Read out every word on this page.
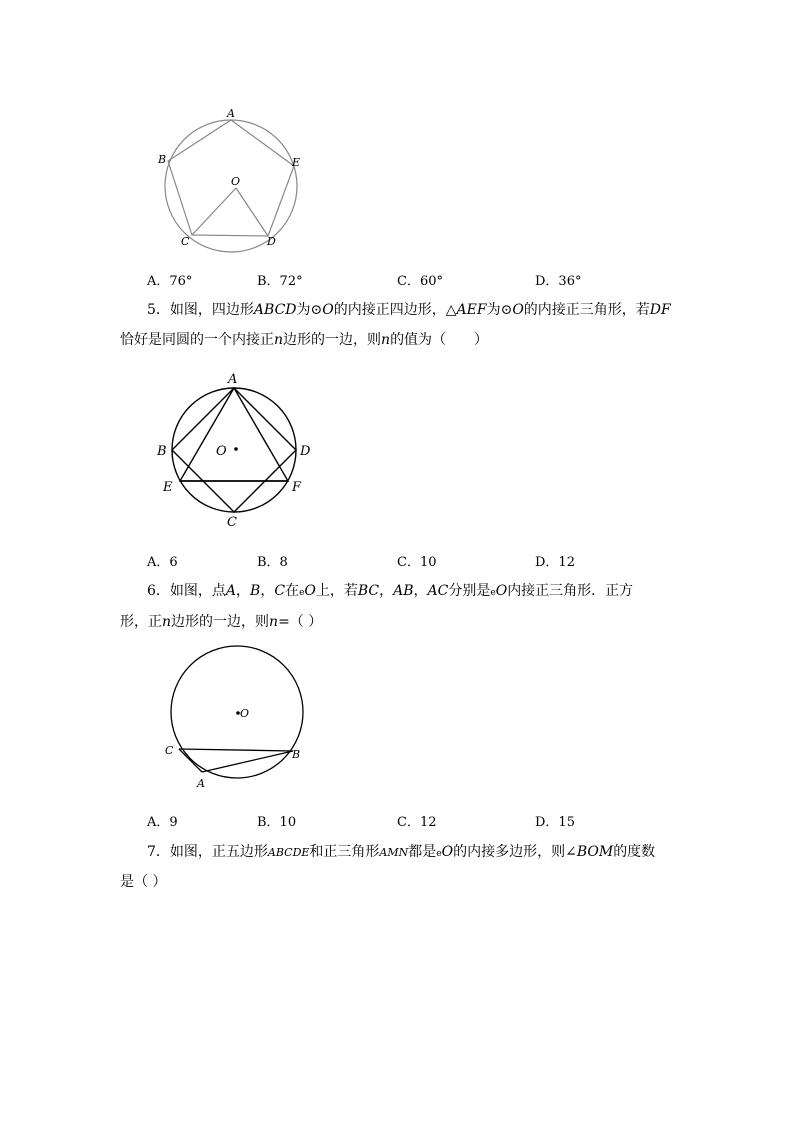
A
B	E
O
C	D
A．76°	B．72°	C．60°	D．36°
5．如图，四边形ABCD为⊙O的内接正四边形，△AEF为⊙O的内接正三角形，若DF
恰好是同圆的一个内接正n边形的一边，则n的值为（　　）
A
B	D
O
E	F
C
A．6	B．8	C．10	D．12
6．如图，点A，B，C在eO上，若BC，AB，AC分别是eO内接正三角形．正方
形，正n边形的一边，则n=（ ）
O
C	B
A
A．9	B．10	C．12	D．15
7．如图，正五边形ABCDE和正三角形AMN都是eO的内接多边形，则∠BOM的度数
是（ ）
